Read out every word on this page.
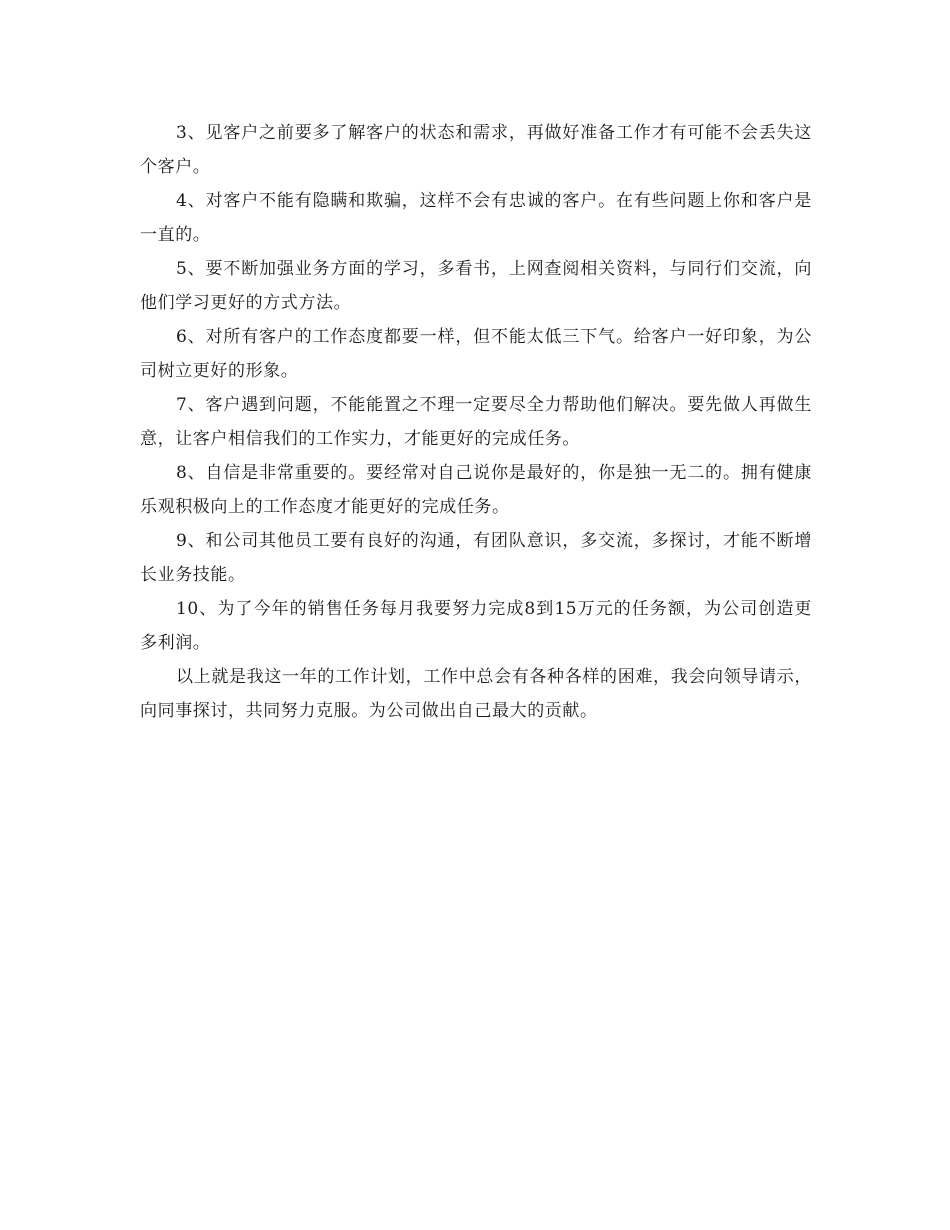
3、见客户之前要多了解客户的状态和需求，再做好准备工作才有可能不会丢失这个客户。

4、对客户不能有隐瞒和欺骗，这样不会有忠诚的客户。在有些问题上你和客户是一直的。

5、要不断加强业务方面的学习，多看书，上网查阅相关资料，与同行们交流，向他们学习更好的方式方法。

6、对所有客户的工作态度都要一样，但不能太低三下气。给客户一好印象，为公司树立更好的形象。

7、客户遇到问题，不能能置之不理一定要尽全力帮助他们解决。要先做人再做生意，让客户相信我们的工作实力，才能更好的完成任务。

8、自信是非常重要的。要经常对自己说你是最好的，你是独一无二的。拥有健康乐观积极向上的工作态度才能更好的完成任务。

9、和公司其他员工要有良好的沟通，有团队意识，多交流，多探讨，才能不断增长业务技能。

10、为了今年的销售任务每月我要努力完成8到15万元的任务额，为公司创造更多利润。

以上就是我这一年的工作计划，工作中总会有各种各样的困难，我会向领导请示，向同事探讨，共同努力克服。为公司做出自己最大的贡献。
